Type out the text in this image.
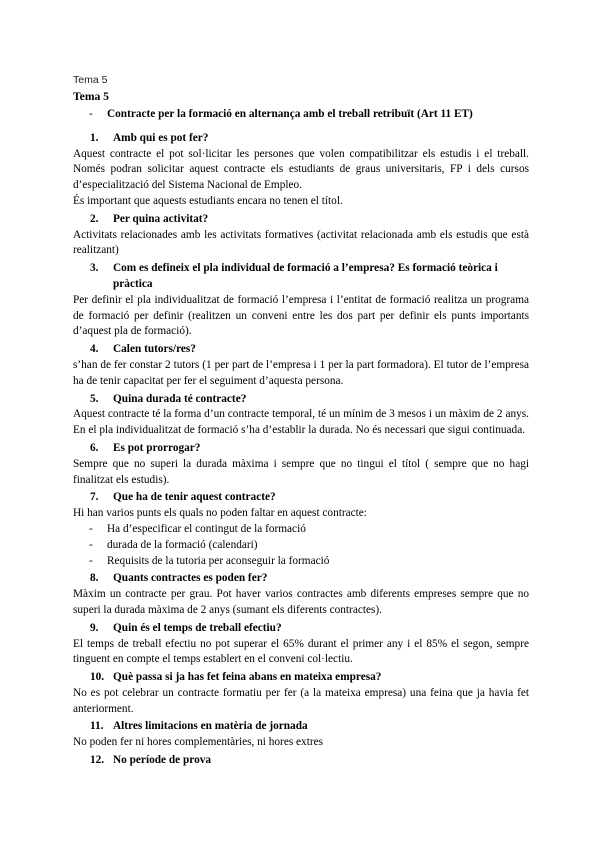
Tema 5
Tema 5
-	Contracte per la formació en alternança amb el treball retribuït (Art 11 ET)
1.	Amb qui es pot fer?

Aquest contracte el pot sol·licitar les persones que volen compatibilitzar els estudis i el treball. Només podran solicitar aquest contracte els estudiants de graus universitaris, FP i dels cursos d’especialització del Sistema Nacional de Empleo.

És important que aquests estudiants encara no tenen el títol.

2.	Per quina activitat?

Activitats relacionades amb les activitats formatives (activitat relacionada amb els estudis que està realitzant)

3.	Com es defineix el pla individual de formació a l’empresa? Es formació teòrica i pràctica

Per definir el pla individualitzat de formació l’empresa i l’entitat de formació realitza un programa de formació per definir (realitzen un conveni entre les dos part per definir els punts importants d’aquest pla de formació).

4.	Calen tutors/res?

s’han de fer constar 2 tutors (1 per part de l’empresa i 1 per la part formadora). El tutor de l’empresa ha de tenir capacitat per fer el seguiment d’aquesta persona.

5.	Quina durada té contracte?

Aquest contracte té la forma d’un contracte temporal, té un mínim de 3 mesos i un màxim de 2 anys. En el pla individualitzat de formació s’ha d’establir la durada. No és necessari que sigui continuada.

6.	Es pot prorrogar?

Sempre que no superi la durada màxima i sempre que no tingui el títol ( sempre que no hagi finalitzat els estudis).

7.	Que ha de tenir aquest contracte?

Hi han varios punts els quals no poden faltar en aquest contracte:

-	Ha d’especificar el contingut de la formació
-	durada de la formació (calendari)
-	Requisits de la tutoria per aconseguir la formació
8.	Quants contractes es poden fer?

Màxim un contracte per grau. Pot haver varios contractes amb diferents empreses sempre que no superi la durada màxima de 2 anys (sumant els diferents contractes).

9.	Quin és el temps de treball efectiu?

El temps de treball efectiu no pot superar el 65% durant el primer any i el 85% el segon, sempre tinguent en compte el temps establert en el conveni col·lectiu.

10. Què passa si ja has fet feina abans en mateixa empresa?

No es pot celebrar un contracte formatiu per fer (a la mateixa empresa) una feina que ja havia fet anteriorment.

11. Altres limitacions en matèria de jornada

No poden fer ni hores complementàries, ni hores extres

12. No període de prova
